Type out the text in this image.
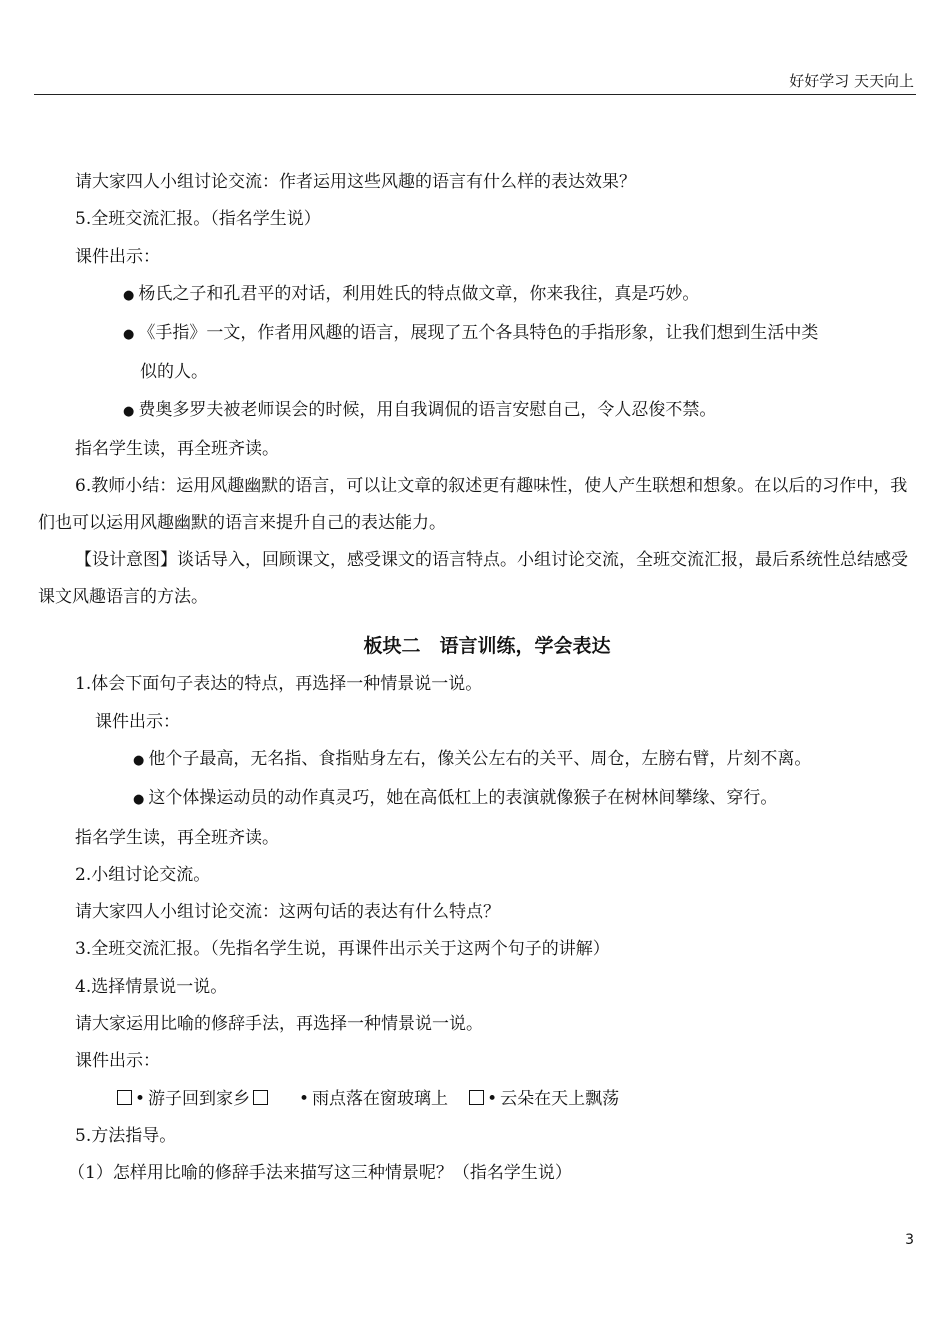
好好学习 天天向上

请大家四人小组讨论交流：作者运用这些风趣的语言有什么样的表达效果？

5.全班交流汇报。（指名学生说）

课件出示：

● 杨氏之子和孔君平的对话，利用姓氏的特点做文章，你来我往，真是巧妙。

● 《手指》一文，作者用风趣的语言，展现了五个各具特色的手指形象，让我们想到生活中类

似的人。

● 费奥多罗夫被老师误会的时候，用自我调侃的语言安慰自己，令人忍俊不禁。

指名学生读，再全班齐读。

6.教师小结：运用风趣幽默的语言，可以让文章的叙述更有趣味性，使人产生联想和想象。在以后的习作中，我们也可以运用风趣幽默的语言来提升自己的表达能力。

【设计意图】谈话导入，回顾课文，感受课文的语言特点。小组讨论交流，全班交流汇报，最后系统性总结感受课文风趣语言的方法。

板块二　语言训练，学会表达

1.体会下面句子表达的特点，再选择一种情景说一说。

课件出示：

● 他个子最高，无名指、食指贴身左右，像关公左右的关平、周仓，左膀右臂，片刻不离。

● 这个体操运动员的动作真灵巧，她在高低杠上的表演就像猴子在树林间攀缘、穿行。

指名学生读，再全班齐读。

2.小组讨论交流。

请大家四人小组讨论交流：这两句话的表达有什么特点？

3.全班交流汇报。（先指名学生说，再课件出示关于这两个句子的讲解）

4.选择情景说一说。

请大家运用比喻的修辞手法，再选择一种情景说一说。

课件出示：

• 游子回到家乡	• 雨点落在窗玻璃上 • 云朵在天上飘荡

5.方法指导。

（1）怎样用比喻的修辞手法来描写这三种情景呢？（指名学生说）

3
